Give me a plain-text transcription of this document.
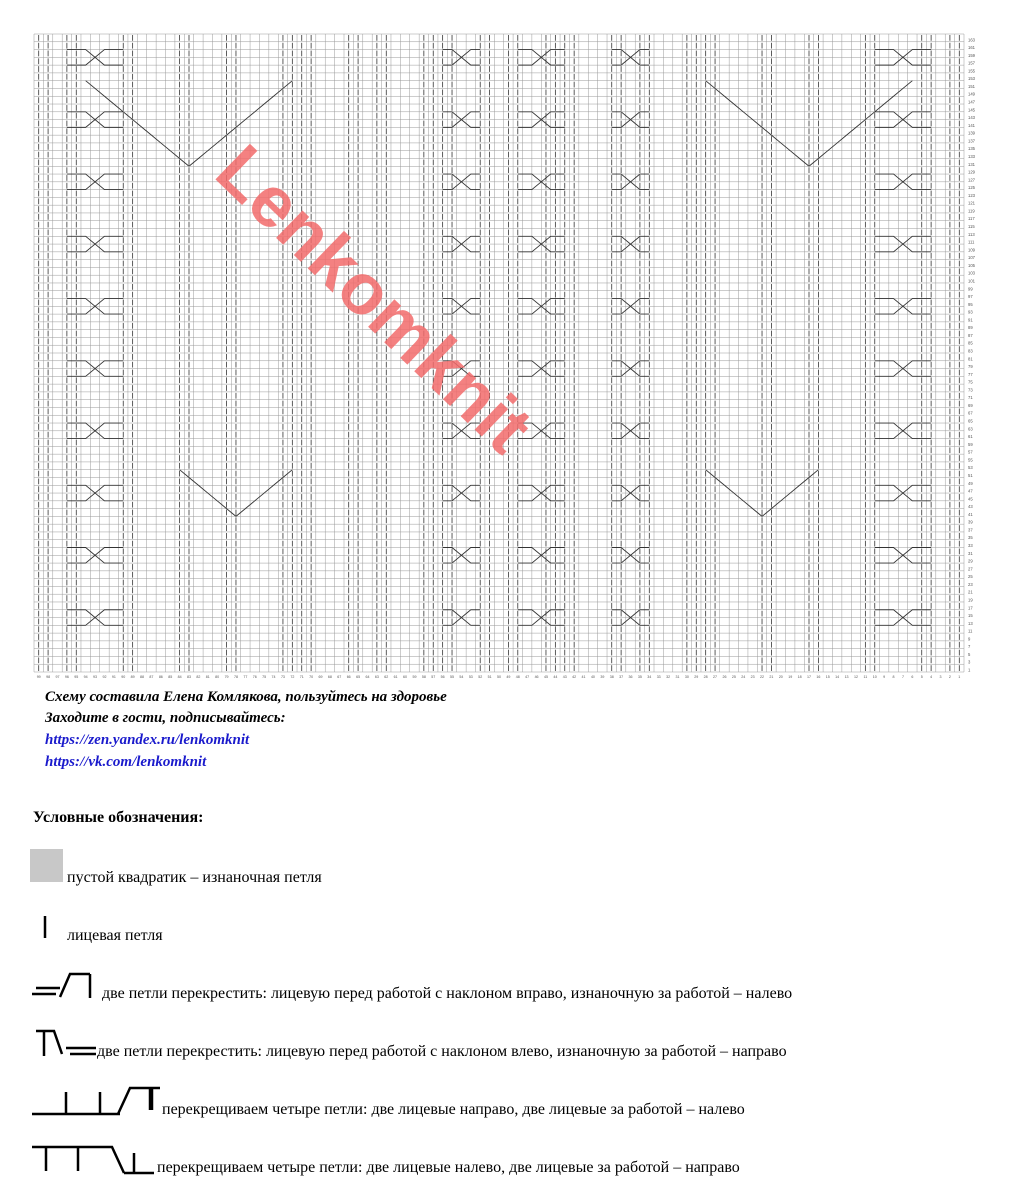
1
3
5
7
9
11
13
15
17
19
21
23
25
27
29
31
33
35
37
39
41
43
45
47
49
51
53
55
57
59
61
63
65
67
69
71
73
75
77
79
81
83
85
87
89
91
93
95
97
99
101
103
105
107
109
111
113
115
117
119
121
123
125
127
129
131
133
135
137
139
141
143
145
147
149
151
153
155
157
159
161
163
99 98 97 96 95 94 93 92 91 90 89 88 87 86 85 84 83 82 81 80 79 78 77 76 75 74 73 72 71 70 69 68 67 66 65 64 63 62 61 60 59 58 57 56 55 54 53 52 51 50 49 48 47 46 45 44 43 42 41 40 39 38 37 36 35 34 33 32 31 30 29 28 27 26 25 24 23 22 21 20 19 18 17 16 15 14 13 12 11 10 9 8 7 6 5 4 3 2 1
Lenkomknit
Схему составила Елена Комлякова, пользуйтесь на здоровье
Заходите в гости, подписывайтесь:
https://zen.yandex.ru/lenkomknit
https://vk.com/lenkomknit
Условные обозначения:
пустой квадратик – изнаночная петля
лицевая петля
две петли перекрестить: лицевую перед работой с наклоном вправо, изнаночную за работой – налево
две петли перекрестить: лицевую перед работой с наклоном влево, изнаночную за работой – направо
перекрещиваем четыре петли: две лицевые направо, две лицевые за работой – налево
перекрещиваем четыре петли: две лицевые налево, две лицевые за работой – направо
